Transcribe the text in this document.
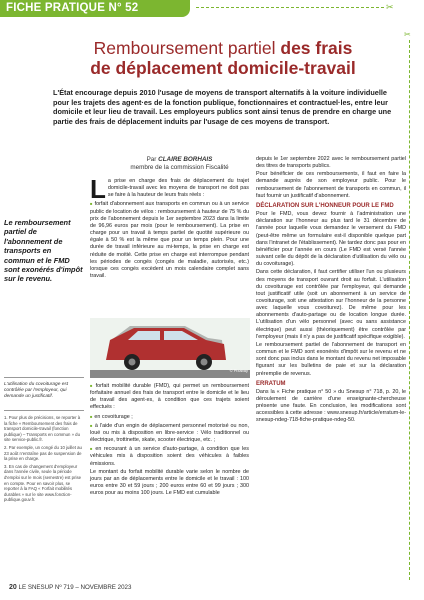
FICHE PRATIQUE N° 52	✂
✂
Remboursement partiel des frais
de déplacement domicile-travail
L'État encourage depuis 2010 l'usage de moyens de transport alternatifs à la voiture individuelle pour les trajets des agent·es de la fonction publique, fonctionnaires et contractuel·les, entre leur domicile et leur lieu de travail. Les employeurs publics sont ainsi tenus de prendre en charge une partie des frais de déplacement induits par l'usage de ces moyens de transport.
Par CLAIRE BORHAIS
membre de la commission Fiscalité
Le remboursement partiel de l'abonnement de transports en commun et le FMD sont exonérés d'impôt sur le revenu.
L'utilisation du covoiturage est contrôlée par l'employeur, qui demande un justificatif.

1. Pour plus de précisions, se reporter à la fiche « Remboursement des frais de transport domicile-travail (fonction publique) – Transports en commun » du site service-public.fr.

2. Par exemple, un congé du 10 juillet au 23 août n'entraîne pas de suspension de la prise en charge.

3. En cas de changement d'employeur dans l'année civile, seule la période d'emploi sur le mois (semestre) est prise en compte. Pour en savoir plus, se reporter à la FAQ « Forfait mobilités durables » sur le site www.fonction-publique.gouv.fr.

La prise en charge des frais de déplacement du trajet domicile-travail avec les moyens de transport ne doit pas se faire à la hauteur de leurs frais réels :

■ forfait d'abonnement aux transports en commun ou à un service public de location de vélos : remboursement à hauteur de 75 % du prix de l'abonnement depuis le 1er septembre 2023 dans la limite de 96,96 euros par mois (pour le remboursement). La prise en charge pour un travail à temps partiel de quotité supérieure ou égale à 50 % est la même que pour un temps plein. Pour une durée de travail inférieure au mi-temps, la prise en charge est réduite de moitié. Cette prise en charge est interrompue pendant les périodes de congés (congés de maladie, autorisés, etc.) lorsque ces congés excèdent un mois calendaire complet sans travail.

© Pixabay

■ forfait mobilité durable (FMD), qui permet un remboursement forfaitaire annuel des frais de transport entre le domicile et le lieu de travail des agent·es, à condition que ces trajets soient effectués :

■ en covoiturage ;

■ à l'aide d'un engin de déplacement personnel motorisé ou non, loué ou mis à disposition en libre-service : Vélo traditionnel ou électrique, trottinette, skate, scooter électrique, etc. ;

■ en recourant à un service d'auto-partage, à condition que les véhicules mis à disposition soient des véhicules à faibles émissions.

Le montant du forfait mobilité durable varie selon le nombre de jours par an de déplacements entre le domicile et le travail : 100 euros entre 30 et 59 jours ; 200 euros entre 60 et 99 jours ; 300 euros pour au moins 100 jours. Le FMD est cumulable

depuis le 1er septembre 2022 avec le remboursement partiel des titres de transports publics.

Pour bénéficier de ces remboursements, il faut en faire la demande auprès de son employeur public. Pour le remboursement de l'abonnement de transports en commun, il faut fournir un justificatif d'abonnement.

DÉCLARATION SUR L'HONNEUR POUR LE FMD

Pour le FMD, vous devez fournir à l'administration une déclaration sur l'honneur au plus tard le 31 décembre de l'année pour laquelle vous demandez le versement du FMD (peut-être même un formulaire est-il disponible quelque part dans l'intranet de l'établissement). Ne tardez donc pas pour en bénéficier pour l'année en cours (Le FMD est versé l'année suivant celle du dépôt de la déclaration d'utilisation du vélo ou du covoiturage).

Dans cette déclaration, il faut certifier utiliser l'un ou plusieurs des moyens de transport ouvrant droit au forfait. L'utilisation du covoiturage est contrôlée par l'employeur, qui demande tout justificatif utile (soit un abonnement à un service de covoiturage, soit une attestation sur l'honneur de la personne avec laquelle vous covoiturez). De même pour les abonnements d'auto-partage ou de location longue durée. L'utilisation d'un vélo personnel (avec ou sans assistance électrique) peut aussi (théoriquement) être contrôlée par l'employeur (mais il n'y a pas de justificatif spécifique exigible).

Le remboursement partiel de l'abonnement de transport en commun et le FMD sont exonérés d'impôt sur le revenu et ne sont donc pas inclus dans le montant du revenu net imposable figurant sur les bulletins de paie et sur la déclaration préremplie de revenus.

ERRATUM

Dans la « Fiche pratique n° 50 » du Snesup n° 718, p. 20, le déroulement de carrière d'une enseignante-chercheuse présente une faute. En conclusion, les modifications sont accessibles à cette adresse : www.snesup.fr/article/erratum-le-snesup-ndeg-718-fiche-pratique-ndeg-50.

20 LE SNESUP Nº 719 – NOVEMBRE 2023
